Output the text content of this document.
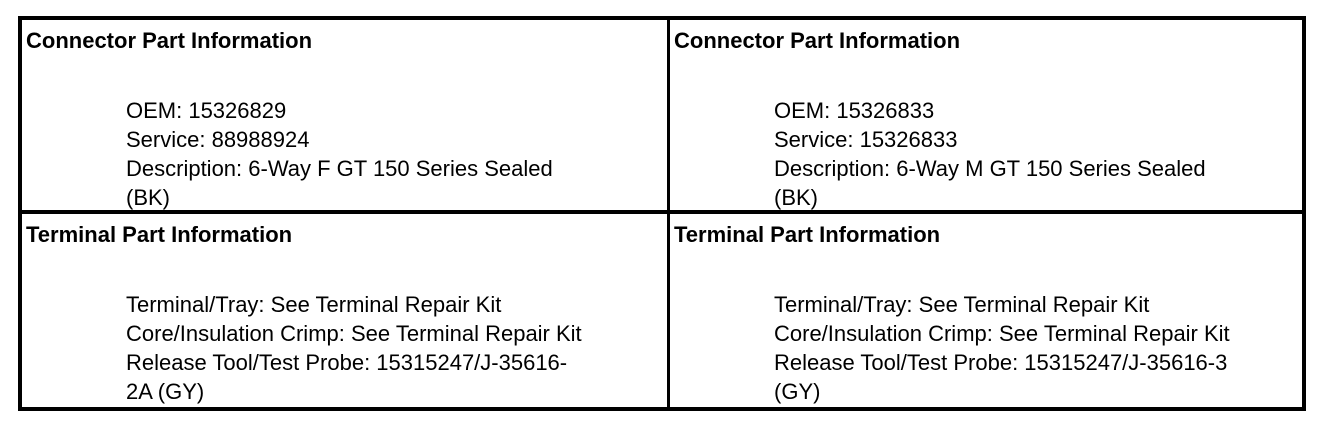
Connector Part Information
OEM: 15326829
Service: 88988924
Description: 6-Way F GT 150 Series Sealed
(BK)
Connector Part Information
OEM: 15326833
Service: 15326833
Description: 6-Way M GT 150 Series Sealed
(BK)
Terminal Part Information
Terminal/Tray: See Terminal Repair Kit
Core/Insulation Crimp: See Terminal Repair Kit
Release Tool/Test Probe: 15315247/J-35616-
2A (GY)
Terminal Part Information
Terminal/Tray: See Terminal Repair Kit
Core/Insulation Crimp: See Terminal Repair Kit
Release Tool/Test Probe: 15315247/J-35616-3
(GY)
